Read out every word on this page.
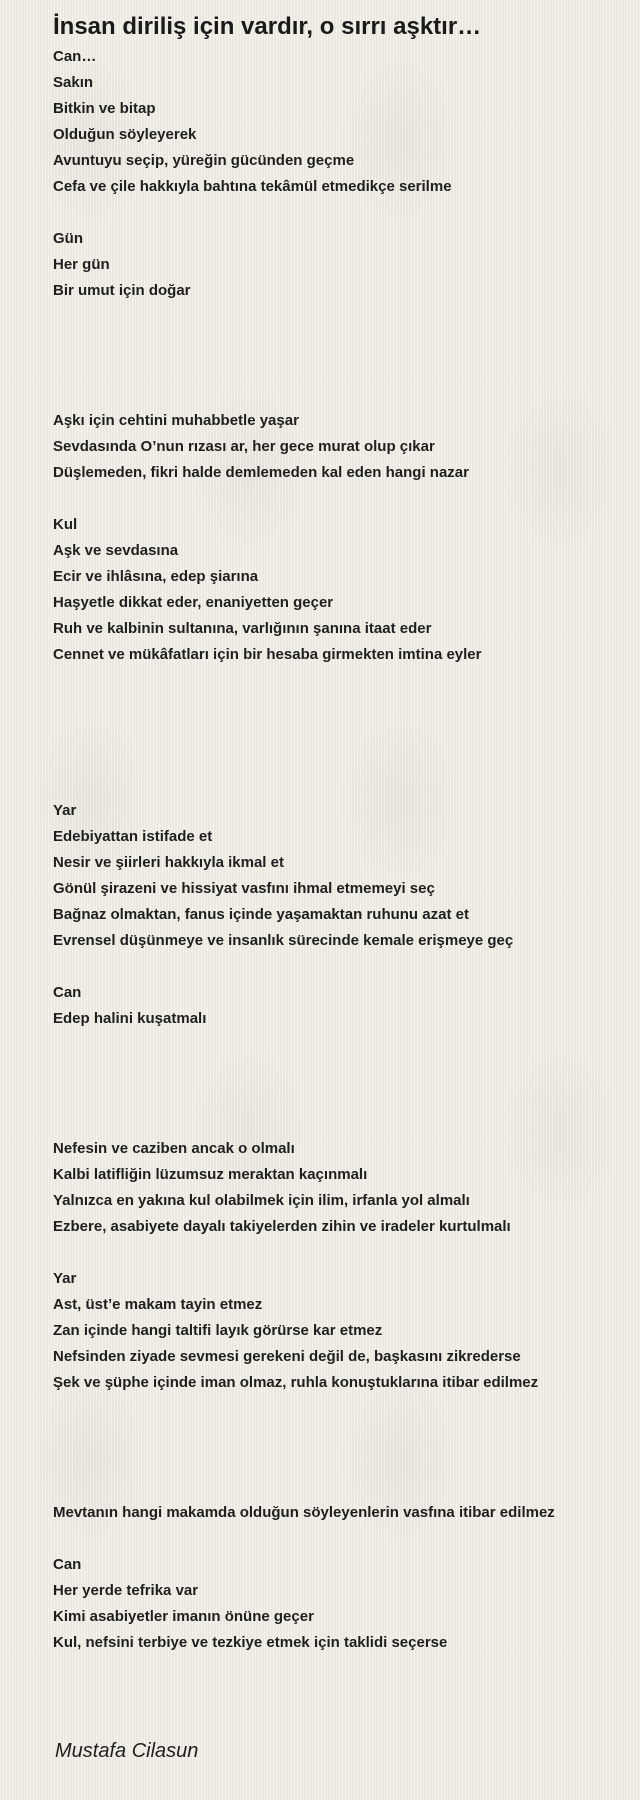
İnsan diriliş için vardır, o sırrı aşktır…
Can…
Sakın
Bitkin ve bitap
Olduğun söyleyerek
Avuntuyu seçip, yüreğin gücünden geçme
Cefa ve çile hakkıyla bahtına tekâmül etmedikçe serilme
Gün
Her gün
Bir umut için doğar
Aşkı için cehtini muhabbetle yaşar
Sevdasında O’nun rızası ar, her gece murat olup çıkar
Düşlemeden, fikri halde demlemeden kal eden hangi nazar
Kul
Aşk ve sevdasına
Ecir ve ihlâsına, edep şiarına
Haşyetle dikkat eder, enaniyetten geçer
Ruh ve kalbinin sultanına, varlığının şanına itaat eder
Cennet ve mükâfatları için bir hesaba girmekten imtina eyler
Yar
Edebiyattan istifade et
Nesir ve şiirleri hakkıyla ikmal et
Gönül şirazeni ve hissiyat vasfını ihmal etmemeyi seç
Bağnaz olmaktan, fanus içinde yaşamaktan ruhunu azat et
Evrensel düşünmeye ve insanlık sürecinde kemale erişmeye geç
Can
Edep halini kuşatmalı
Nefesin ve caziben ancak o olmalı
Kalbi latifliğin lüzumsuz meraktan kaçınmalı
Yalnızca en yakına kul olabilmek için ilim, irfanla yol almalı
Ezbere, asabiyete dayalı takiyelerden zihin ve iradeler kurtulmalı
Yar
Ast, üst’e makam tayin etmez
Zan içinde hangi taltifi layık görürse kar etmez
Nefsinden ziyade sevmesi gerekeni değil de, başkasını zikrederse
Şek ve şüphe içinde iman olmaz, ruhla konuştuklarına itibar edilmez
Mevtanın hangi makamda olduğun söyleyenlerin vasfına itibar edilmez
Can
Her yerde tefrika var
Kimi asabiyetler imanın önüne geçer
Kul, nefsini terbiye ve tezkiye etmek için taklidi seçerse
Mustafa Cilasun
